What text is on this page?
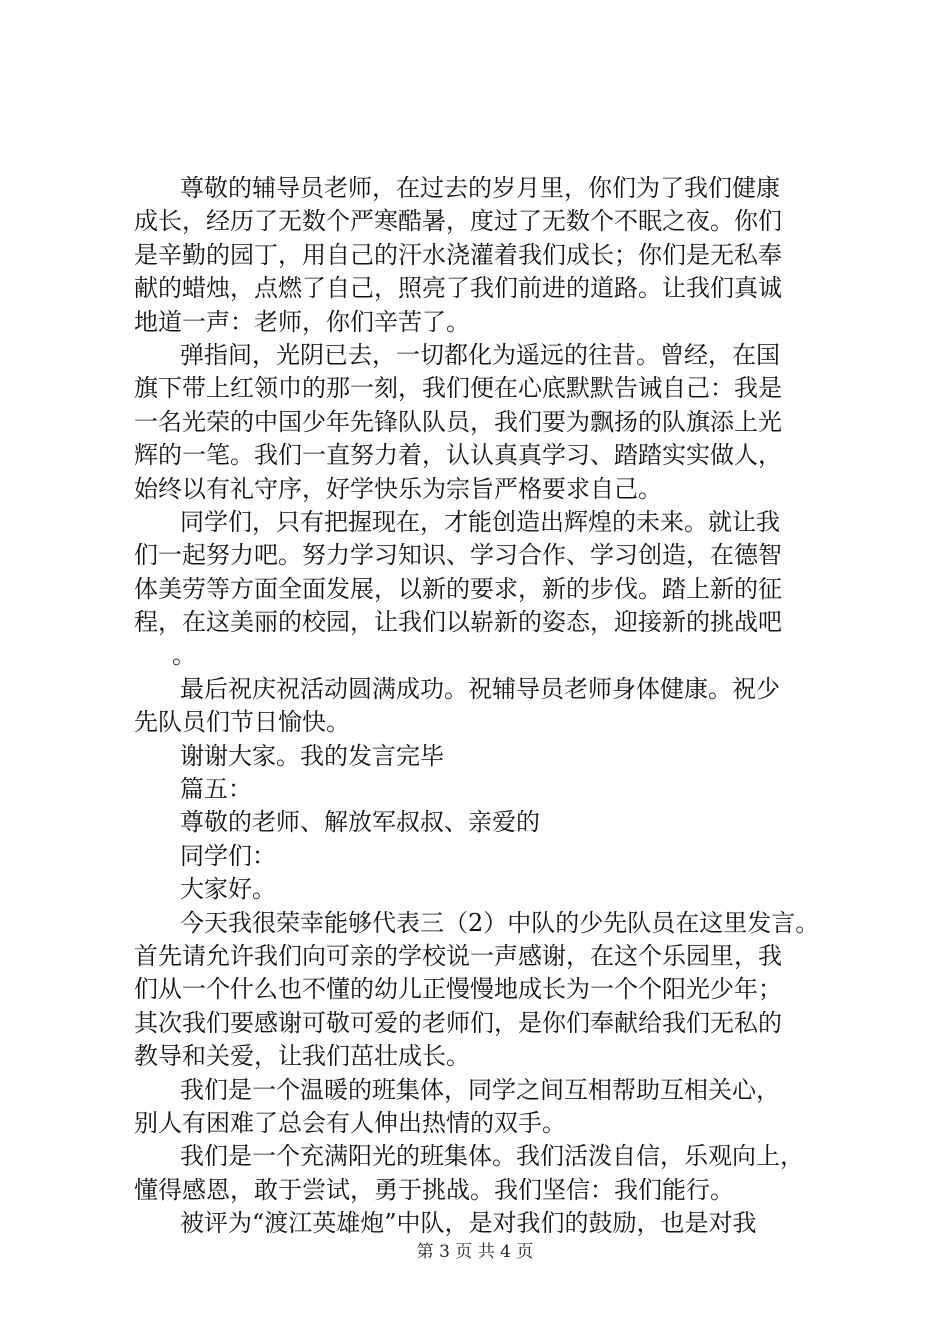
尊敬的辅导员老师，在过去的岁月里，你们为了我们健康
成长，经历了无数个严寒酷暑，度过了无数个不眠之夜。你们
是辛勤的园丁，用自己的汗水浇灌着我们成长；你们是无私奉
献的蜡烛，点燃了自己，照亮了我们前进的道路。让我们真诚
地道一声：老师，你们辛苦了。
弹指间，光阴已去，一切都化为遥远的往昔。曾经，在国
旗下带上红领巾的那一刻，我们便在心底默默告诫自己：我是
一名光荣的中国少年先锋队队员，我们要为飘扬的队旗添上光
辉的一笔。我们一直努力着，认认真真学习、踏踏实实做人，
始终以有礼守序，好学快乐为宗旨严格要求自己。
同学们，只有把握现在，才能创造出辉煌的未来。就让我
们一起努力吧。努力学习知识、学习合作、学习创造，在德智
体美劳等方面全面发展，以新的要求，新的步伐。踏上新的征
程，在这美丽的校园，让我们以崭新的姿态，迎接新的挑战吧
。
最后祝庆祝活动圆满成功。祝辅导员老师身体健康。祝少
先队员们节日愉快。
谢谢大家。我的发言完毕
篇五：
尊敬的老师、解放军叔叔、亲爱的
同学们：
大家好。
今天我很荣幸能够代表三（2）中队的少先队员在这里发言。
首先请允许我们向可亲的学校说一声感谢，在这个乐园里，我
们从一个什么也不懂的幼儿正慢慢地成长为一个个阳光少年；
其次我们要感谢可敬可爱的老师们，是你们奉献给我们无私的
教导和关爱，让我们茁壮成长。
我们是一个温暖的班集体，同学之间互相帮助互相关心，
别人有困难了总会有人伸出热情的双手。
我们是一个充满阳光的班集体。我们活泼自信，乐观向上，
懂得感恩，敢于尝试，勇于挑战。我们坚信：我们能行。
被评为“渡江英雄炮”中队，是对我们的鼓励，也是对我
第 3 页 共 4 页
